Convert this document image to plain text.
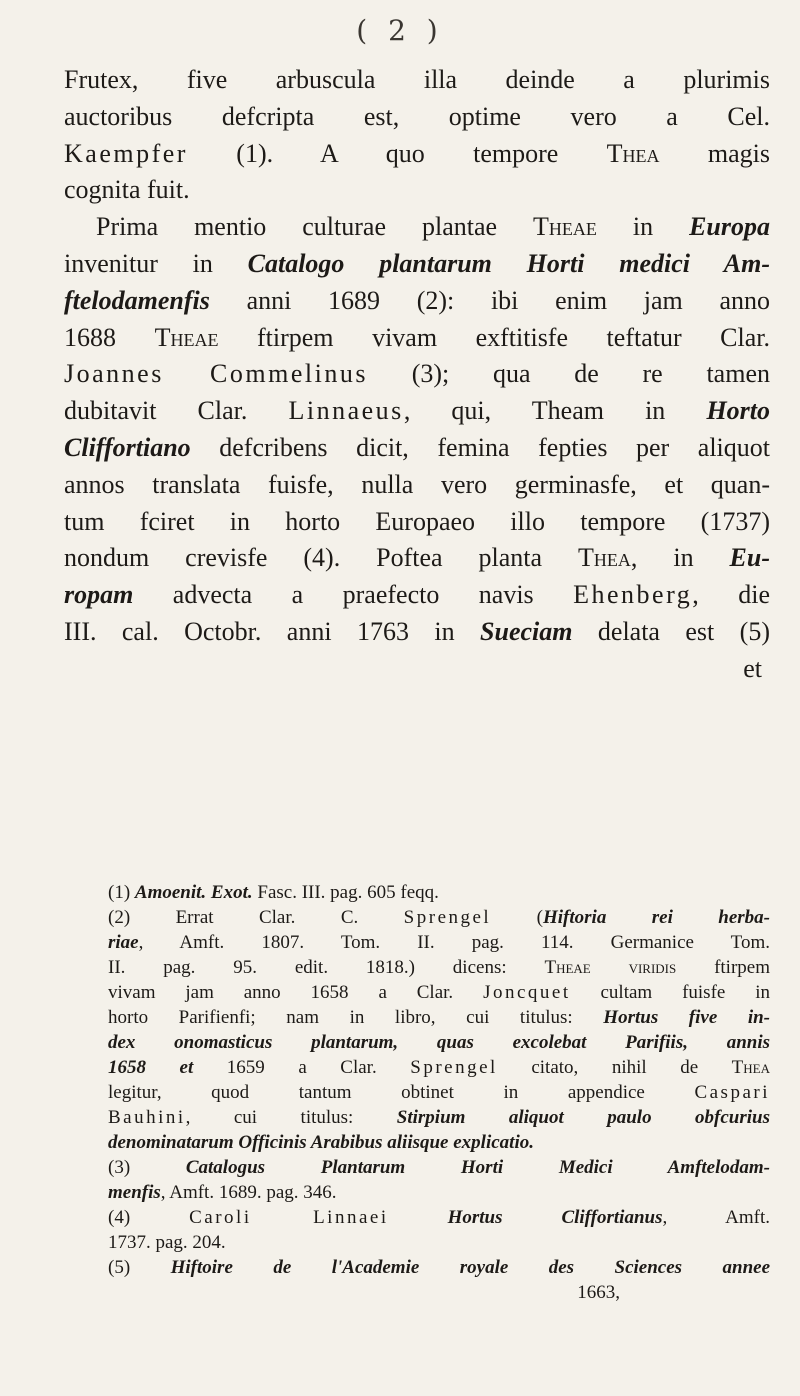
( 2 )
Frutex, five arbuscula illa deinde a plurimis
auctoribus defcripta est, optime vero a Cel.
Kaempfer (1). A quo tempore Thea magis
cognita fuit.
Prima mentio culturae plantae Theae in Europa
invenitur in Catalogo plantarum Horti medici Am-
ftelodamenfis anni 1689 (2): ibi enim jam anno
1688 Theae ftirpem vivam exftitisfe teftatur Clar.
Joannes Commelinus (3); qua de re tamen
dubitavit Clar. Linnaeus, qui, Theam in Horto
Cliffortiano defcribens dicit, femina fepties per aliquot
annos translata fuisfe, nulla vero germinasfe, et quan-
tum fciret in horto Europaeo illo tempore (1737)
nondum crevisfe (4). Poftea planta Thea, in Eu-
ropam advecta a praefecto navis Ehenberg, die
III. cal. Octobr. anni 1763 in Sueciam delata est (5)
et
(1) Amoenit. Exot. Fasc. III. pag. 605 feqq.
(2) Errat Clar. C. Sprengel (Hiftoria rei herba-
riae, Amft. 1807. Tom. II. pag. 114. Germanice Tom.
II. pag. 95. edit. 1818.) dicens: Theae viridis ftirpem
vivam jam anno 1658 a Clar. Joncquet cultam fuisfe in
horto Parifienfi; nam in libro, cui titulus: Hortus five in-
dex onomasticus plantarum, quas excolebat Parifiis, annis
1658 et 1659 a Clar. Sprengel citato, nihil de Thea
legitur, quod tantum obtinet in appendice Caspari
Bauhini, cui titulus: Stirpium aliquot paulo obfcurius
denominatarum Officinis Arabibus aliisque explicatio.
(3) Catalogus Plantarum Horti Medici Amftelodam-
menfis, Amft. 1689. pag. 346.
(4) Caroli Linnaei	Hortus Cliffortianus, Amft.
1737. pag. 204.
(5) Hiftoire de l'Academie royale des Sciences annee
1663,
